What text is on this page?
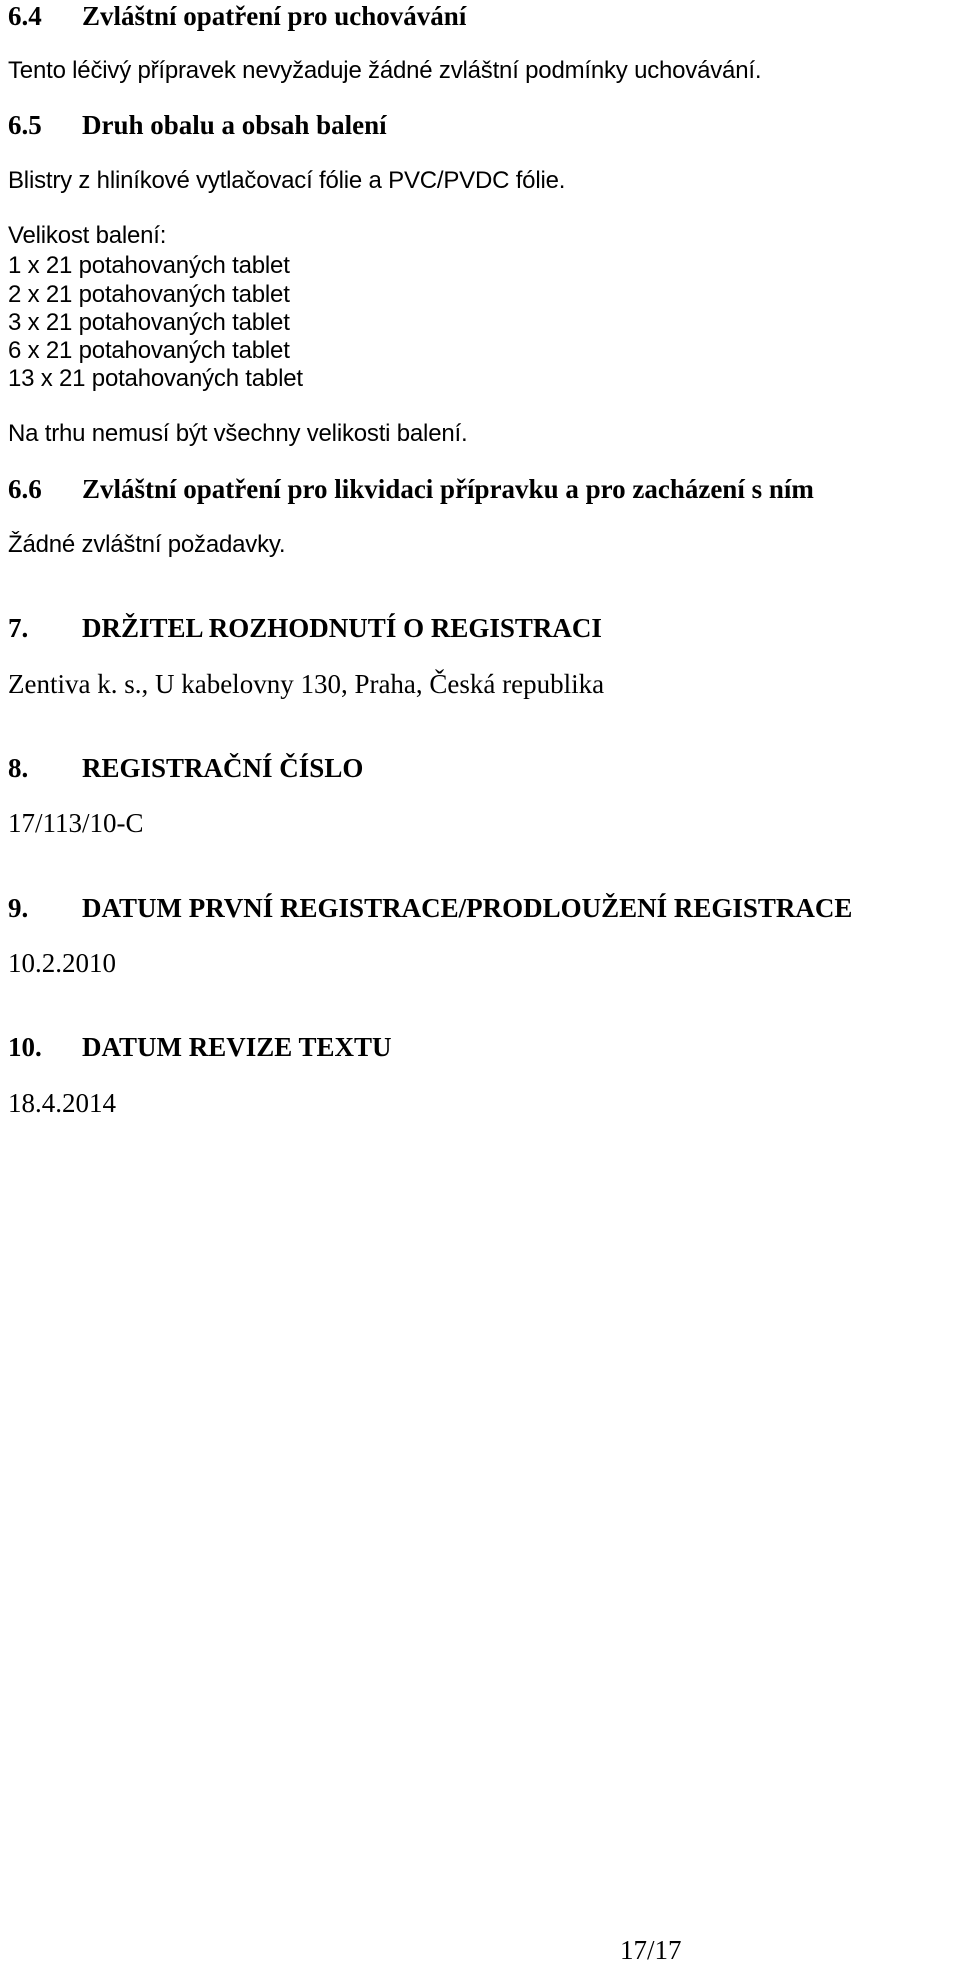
6.4 Zvláštní opatření pro uchovávání
Tento léčivý přípravek nevyžaduje žádné zvláštní podmínky uchovávání.
6.5 Druh obalu a obsah balení
Blistry z hliníkové vytlačovací fólie a PVC/PVDC fólie.
Velikost balení:
1 x 21 potahovaných tablet
2 x 21 potahovaných tablet
3 x 21 potahovaných tablet
6 x 21 potahovaných tablet
13 x 21 potahovaných tablet
Na trhu nemusí být všechny velikosti balení.
6.6 Zvláštní opatření pro likvidaci přípravku a pro zacházení s ním
Žádné zvláštní požadavky.
7. DRŽITEL ROZHODNUTÍ O REGISTRACI
Zentiva k. s., U kabelovny 130, Praha, Česká republika
8. REGISTRAČNÍ ČÍSLO
17/113/10-C
9. DATUM PRVNÍ REGISTRACE/PRODLOUŽENÍ REGISTRACE
10.2.2010
10. DATUM REVIZE TEXTU
18.4.2014
17/17
